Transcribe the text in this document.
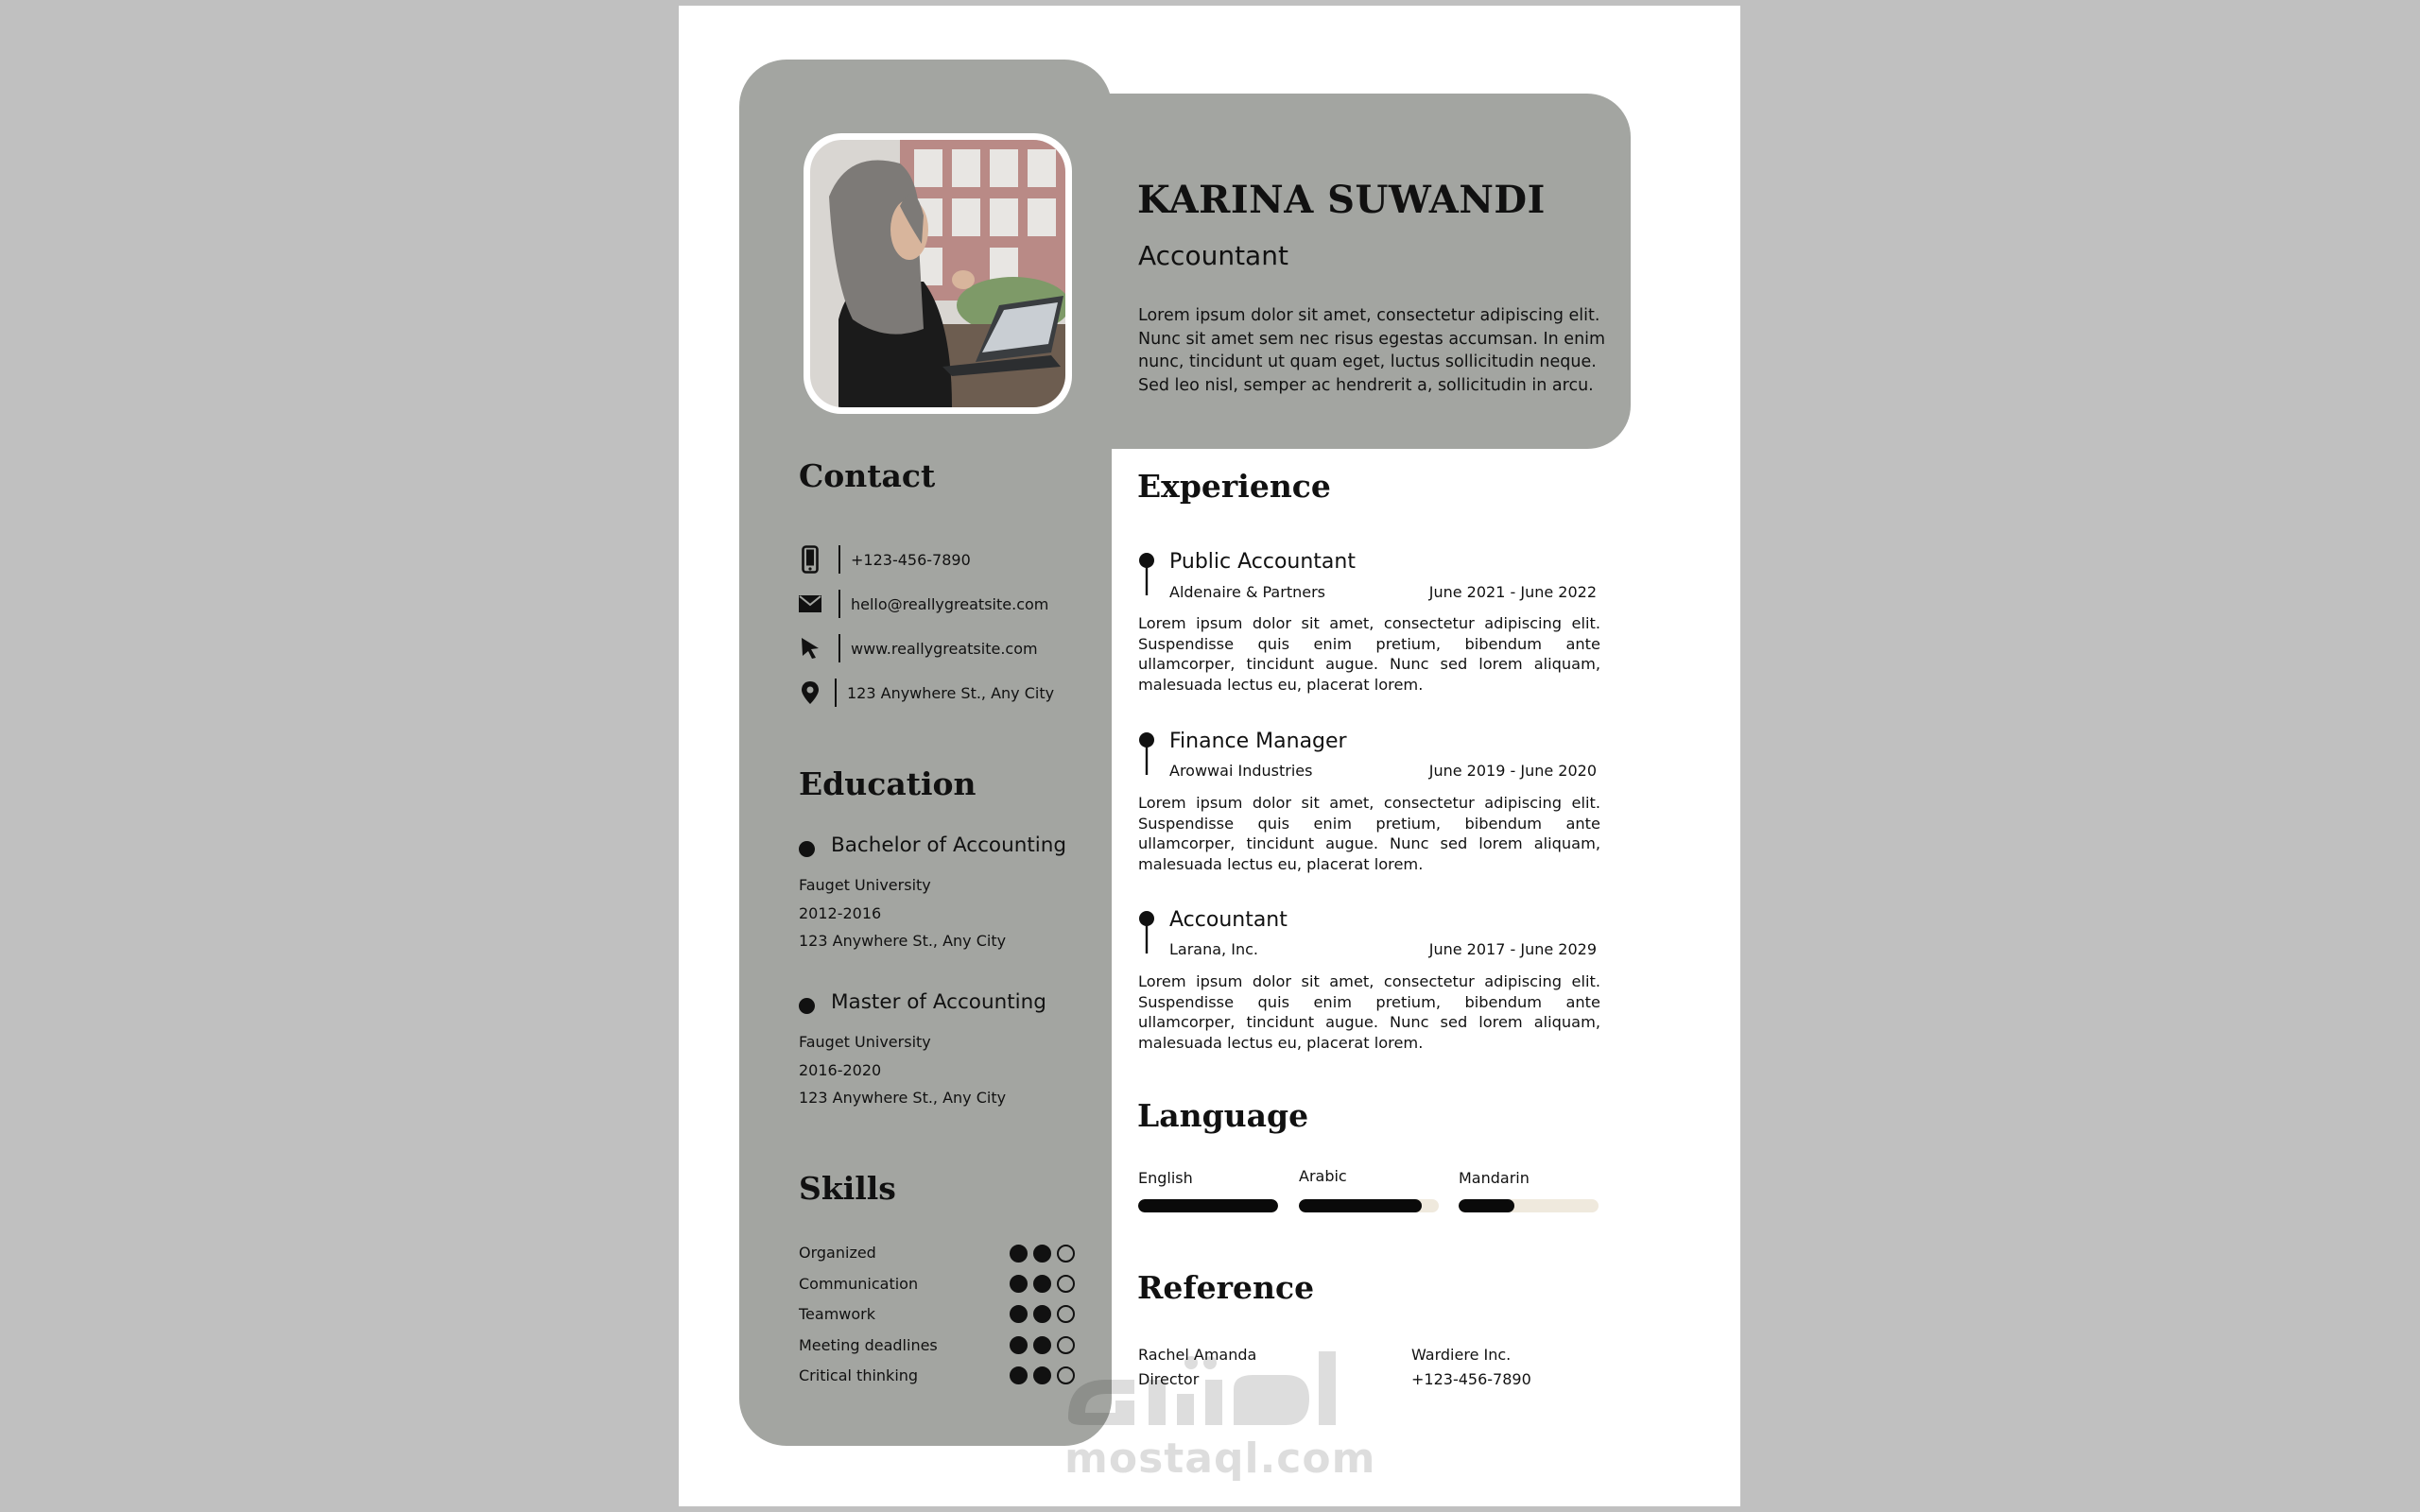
KARINA SUWANDI
Accountant
Lorem ipsum dolor sit amet, consectetur adipiscing elit. Nunc sit amet sem nec risus egestas accumsan. In enim nunc, tincidunt ut quam eget, luctus sollicitudin neque. Sed leo nisl, semper ac hendrerit a, sollicitudin in arcu.
Contact
+123-456-7890
hello@reallygreatsite.com
www.reallygreatsite.com
123 Anywhere St., Any City
Education
Bachelor of Accounting
Fauget University
2012-2016
123 Anywhere St., Any City
Master of Accounting
Fauget University
2016-2020
123 Anywhere St., Any City
Skills
Organized
Communication
Teamwork
Meeting deadlines
Critical thinking
Experience
Public Accountant
Aldenaire & Partners	June 2021 - June 2022
Lorem ipsum dolor sit amet, consectetur adipiscing elit. Suspendisse quis enim pretium, bibendum ante ullamcorper, tincidunt augue. Nunc sed lorem aliquam, malesuada lectus eu, placerat lorem.
Finance Manager
Arowwai Industries	June 2019 - June 2020
Lorem ipsum dolor sit amet, consectetur adipiscing elit. Suspendisse quis enim pretium, bibendum ante ullamcorper, tincidunt augue. Nunc sed lorem aliquam, malesuada lectus eu, placerat lorem.
Accountant
Larana, Inc.	June 2017 - June 2029
Lorem ipsum dolor sit amet, consectetur adipiscing elit. Suspendisse quis enim pretium, bibendum ante ullamcorper, tincidunt augue. Nunc sed lorem aliquam, malesuada lectus eu, placerat lorem.
Language
English	Arabic	Mandarin
Reference
Rachel Amanda
Director
Wardiere Inc.
+123-456-7890
mostaql.com
